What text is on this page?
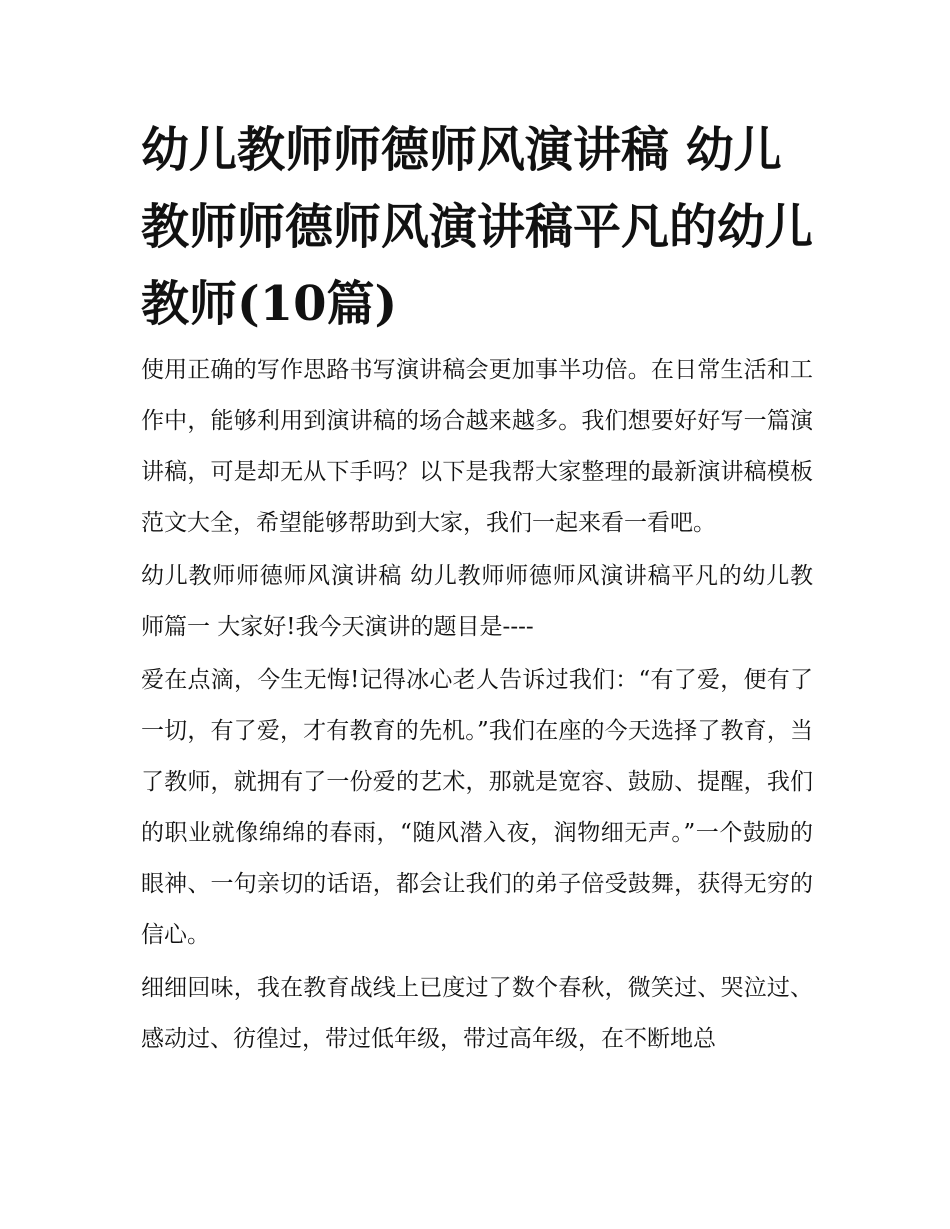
幼儿教师师德师风演讲稿 幼儿教师师德师风演讲稿平凡的幼儿教师(10篇)

使用正确的写作思路书写演讲稿会更加事半功倍。在日常生活和工作中，能够利用到演讲稿的场合越来越多。我们想要好好写一篇演讲稿，可是却无从下手吗？以下是我帮大家整理的最新演讲稿模板范文大全，希望能够帮助到大家，我们一起来看一看吧。

幼儿教师师德师风演讲稿 幼儿教师师德师风演讲稿平凡的幼儿教师篇一 大家好!我今天演讲的题目是----

爱在点滴，今生无悔!记得冰心老人告诉过我们：“有了爱，便有了一切，有了爱，才有教育的先机。”我们在座的今天选择了教育，当了教师，就拥有了一份爱的艺术，那就是宽容、鼓励、提醒，我们的职业就像绵绵的春雨，“随风潜入夜，润物细无声。”一个鼓励的眼神、一句亲切的话语，都会让我们的弟子倍受鼓舞，获得无穷的信心。

细细回味，我在教育战线上已度过了数个春秋，微笑过、哭泣过、感动过、彷徨过，带过低年级，带过高年级，在不断地总
